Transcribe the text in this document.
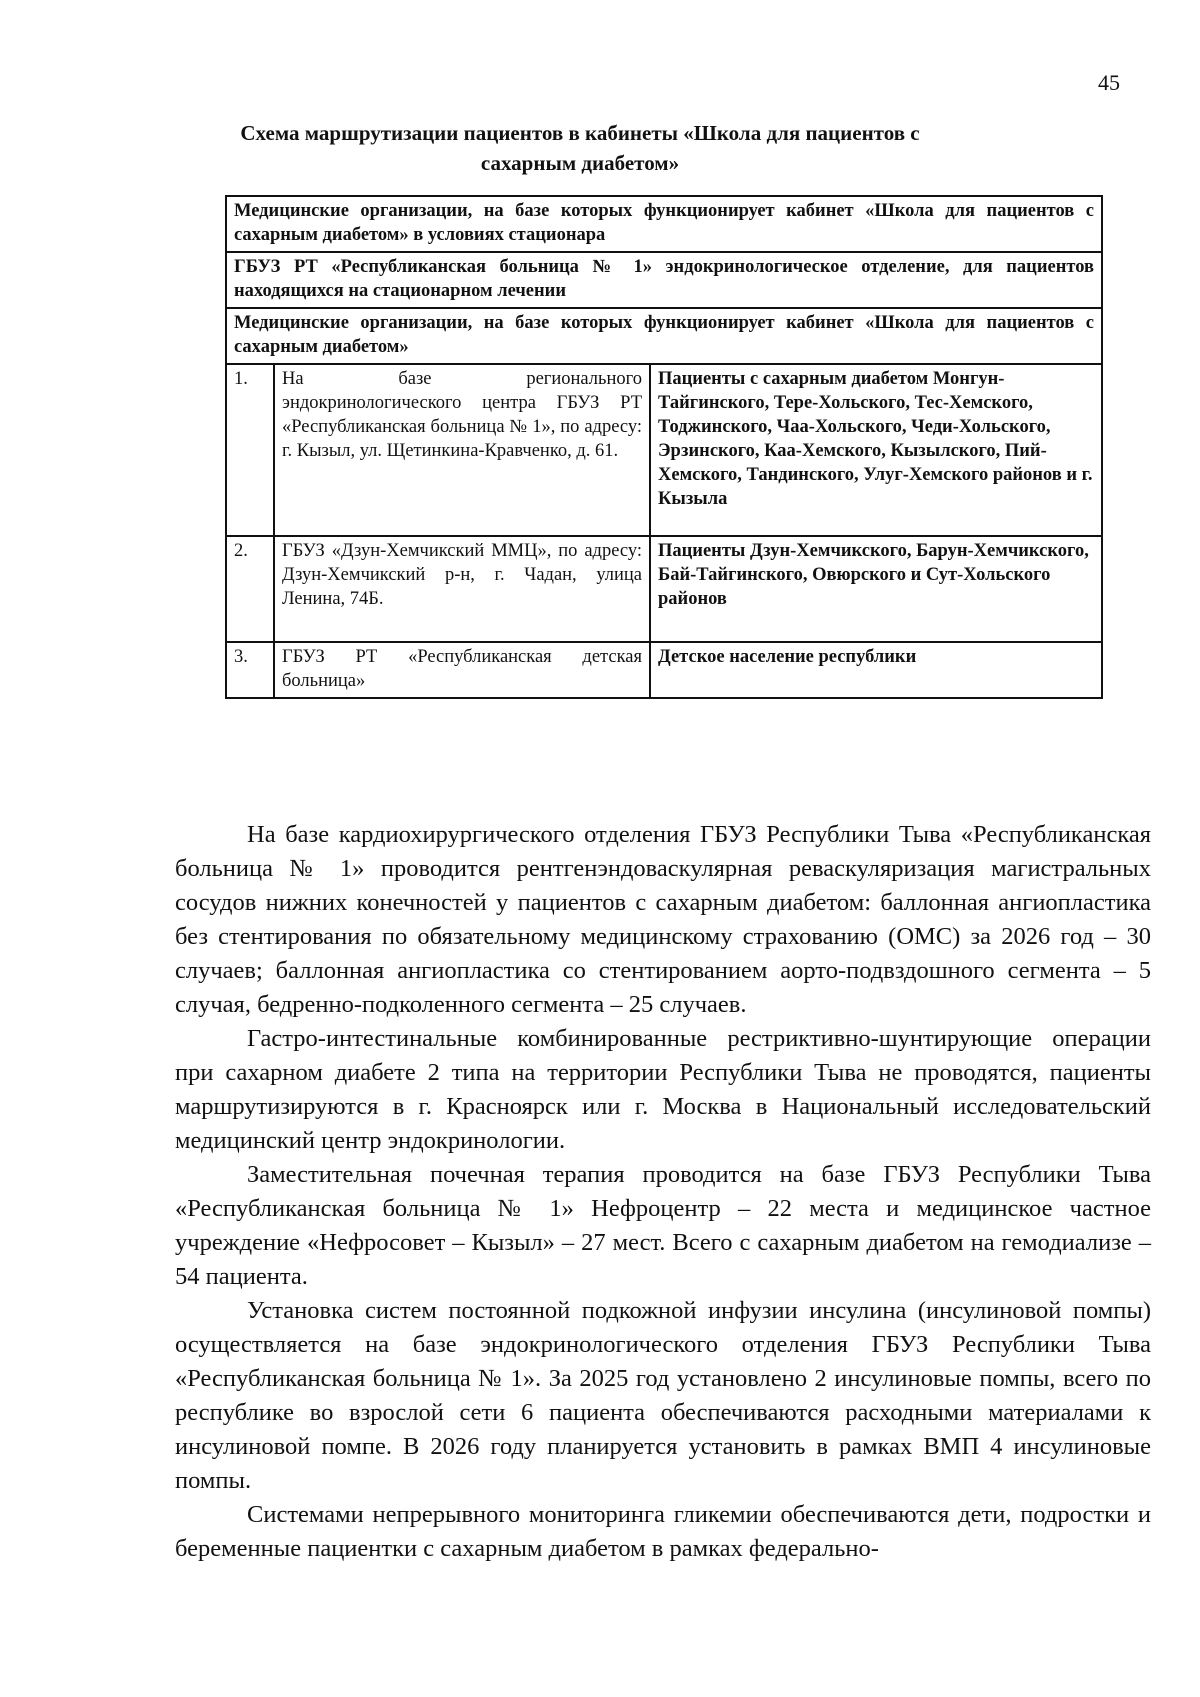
45
Схема маршрутизации пациентов в кабинеты «Школа для пациентов с сахарным диабетом»
Медицинские организации, на базе которых функционирует кабинет «Школа для пациентов с сахарным диабетом» в условиях стационара		
ГБУЗ РТ «Республиканская больница № 1» эндокринологическое отделение, для пациентов находящихся на стационарном лечении		
Медицинские организации, на базе которых функционирует кабинет «Школа для пациентов с сахарным диабетом»		
1.	На базе регионального эндокринологического центра ГБУЗ РТ «Республиканская больница № 1», по адресу: г. Кызыл, ул. Щетинкина-Кравченко, д. 61.	Пациенты с сахарным диабетом Монгун-Тайгинского, Тере-Хольского, Тес-Хемского, Тоджинского, Чаа-Хольского, Чеди-Хольского, Эрзинского, Каа-Хемского, Кызылского, Пий-Хемского, Тандинского, Улуг-Хемского районов и г. Кызыла
2.	ГБУЗ «Дзун-Хемчикский ММЦ», по адресу: Дзун-Хемчикский р-н, г. Чадан, улица Ленина, 74Б.	Пациенты Дзун-Хемчикского, Барун-Хемчикского, Бай-Тайгинского, Овюрского и Сут-Хольского районов
3.	ГБУЗ РТ «Республиканская детская больница»	Детское население республики

На базе кардиохирургического отделения ГБУЗ Республики Тыва «Республиканская больница № 1» проводится рентгенэндоваскулярная реваскуляризация магистральных сосудов нижних конечностей у пациентов с сахарным диабетом: баллонная ангиопластика без стентирования по обязательному медицинскому страхованию (ОМС) за 2026 год – 30 случаев; баллонная ангиопластика со стентированием аорто-подвздошного сегмента – 5 случая, бедренно-подколенного сегмента – 25 случаев.

Гастро-интестинальные комбинированные рестриктивно-шунтирующие операции при сахарном диабете 2 типа на территории Республики Тыва не проводятся, пациенты маршрутизируются в г. Красноярск или г. Москва в Национальный исследовательский медицинский центр эндокринологии.

Заместительная почечная терапия проводится на базе ГБУЗ Республики Тыва «Республиканская больница № 1» Нефроцентр – 22 места и медицинское частное учреждение «Нефросовет – Кызыл» – 27 мест. Всего с сахарным диабетом на гемодиализе – 54 пациента.

Установка систем постоянной подкожной инфузии инсулина (инсулиновой помпы) осуществляется на базе эндокринологического отделения ГБУЗ Республики Тыва «Республиканская больница № 1». За 2025 год установлено 2 инсулиновые помпы, всего по республике во взрослой сети 6 пациента обеспечиваются расходными материалами к инсулиновой помпе. В 2026 году планируется установить в рамках ВМП 4 инсулиновые помпы.

Системами непрерывного мониторинга гликемии обеспечиваются дети, подростки и беременные пациентки с сахарным диабетом в рамках федерально-
